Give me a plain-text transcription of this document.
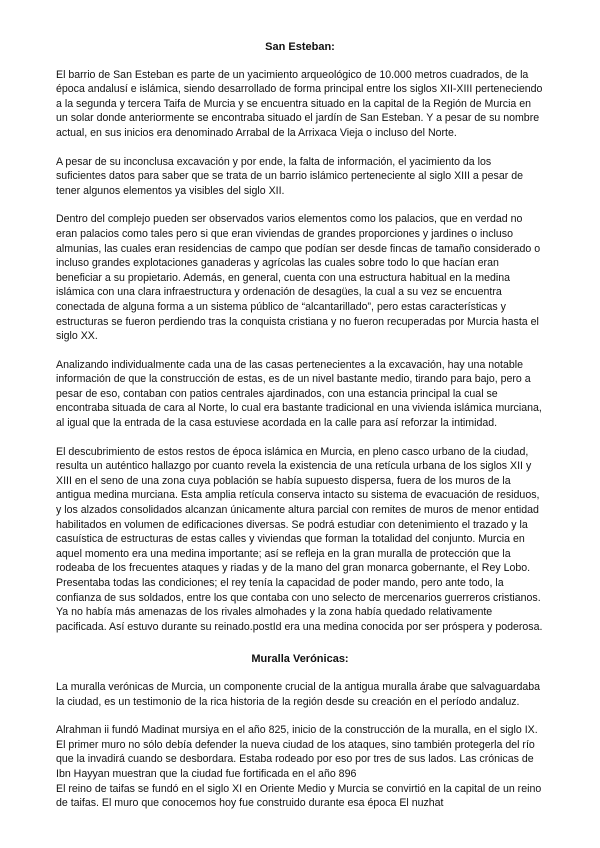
San Esteban:

El barrio de San Esteban es parte de un yacimiento arqueológico de 10.000 metros cuadrados, de la época andalusí e islámica, siendo desarrollado de forma principal entre los siglos XII-XIII perteneciendo a la segunda y tercera Taifa de Murcia y se encuentra situado en la capital de la Región de Murcia en un solar donde anteriormente se encontraba situado el jardín de San Esteban. Y a pesar de su nombre actual, en sus inicios era denominado Arrabal de la Arrixaca Vieja o incluso del Norte.

A pesar de su inconclusa excavación y por ende, la falta de información, el yacimiento da los suficientes datos para saber que se trata de un barrio islámico perteneciente al siglo XIII a pesar de tener algunos elementos ya visibles del siglo XII.

Dentro del complejo pueden ser observados varios elementos como los palacios, que en verdad no eran palacios como tales pero si que eran viviendas de grandes proporciones y jardines o incluso almunias, las cuales eran residencias de campo que podían ser desde fincas de tamaño considerado o incluso grandes explotaciones ganaderas y agrícolas las cuales sobre todo lo que hacían eran beneficiar a su propietario. Además, en general, cuenta con una estructura habitual en la medina islámica con una clara infraestructura y ordenación de desagües, la cual a su vez se encuentra conectada de alguna forma a un sistema público de “alcantarillado”, pero estas características y estructuras se fueron perdiendo tras la conquista cristiana y no fueron recuperadas por Murcia hasta el siglo XX.

Analizando individualmente cada una de las casas pertenecientes a la excavación, hay una notable información de que la construcción de estas, es de un nivel bastante medio, tirando para bajo, pero a pesar de eso, contaban con patios centrales ajardinados, con una estancia principal la cual se encontraba situada de cara al Norte, lo cual era bastante tradicional en una vivienda islámica murciana, al igual que la entrada de la casa estuviese acordada en la calle para así reforzar la intimidad.

El descubrimiento de estos restos de época islámica en Murcia, en pleno casco urbano de la ciudad, resulta un auténtico hallazgo por cuanto revela la existencia de una retícula urbana de los siglos XII y XIII en el seno de una zona cuya población se había supuesto dispersa, fuera de los muros de la antigua medina murciana. Esta amplia retícula conserva intacto su sistema de evacuación de residuos, y los alzados consolidados alcanzan únicamente altura parcial con remites de muros de menor entidad habilitados en volumen de edificaciones diversas. Se podrá estudiar con detenimiento el trazado y la casuística de estructuras de estas calles y viviendas que forman la totalidad del conjunto. Murcia en aquel momento era una medina importante; así se refleja en la gran muralla de protección que la rodeaba de los frecuentes ataques y riadas y de la mano del gran monarca gobernante, el Rey Lobo. Presentaba todas las condiciones; el rey tenía la capacidad de poder mando, pero ante todo, la confianza de sus soldados, entre los que contaba con uno selecto de mercenarios guerreros cristianos. Ya no había más amenazas de los rivales almohades y la zona había quedado relativamente pacificada. Así estuvo durante su reinado.postId era una medina conocida por ser próspera y poderosa.

Muralla Verónicas:

La muralla verónicas de Murcia, un componente crucial de la antigua muralla árabe que salvaguardaba la ciudad, es un testimonio de la rica historia de la región desde su creación en el período andaluz.

Alrahman ii fundó Madinat mursiya en el año 825, inicio de la construcción de la muralla, en el siglo IX. El primer muro no sólo debía defender la nueva ciudad de los ataques, sino también protegerla del río que la invadirá cuando se desbordara. Estaba rodeado por eso por tres de sus lados. Las crónicas de Ibn Hayyan muestran que la ciudad fue fortificada en el año 896

El reino de taifas se fundó en el siglo XI en Oriente Medio y Murcia se convirtió en la capital de un reino de taifas. El muro que conocemos hoy fue construido durante esa época El nuzhat
